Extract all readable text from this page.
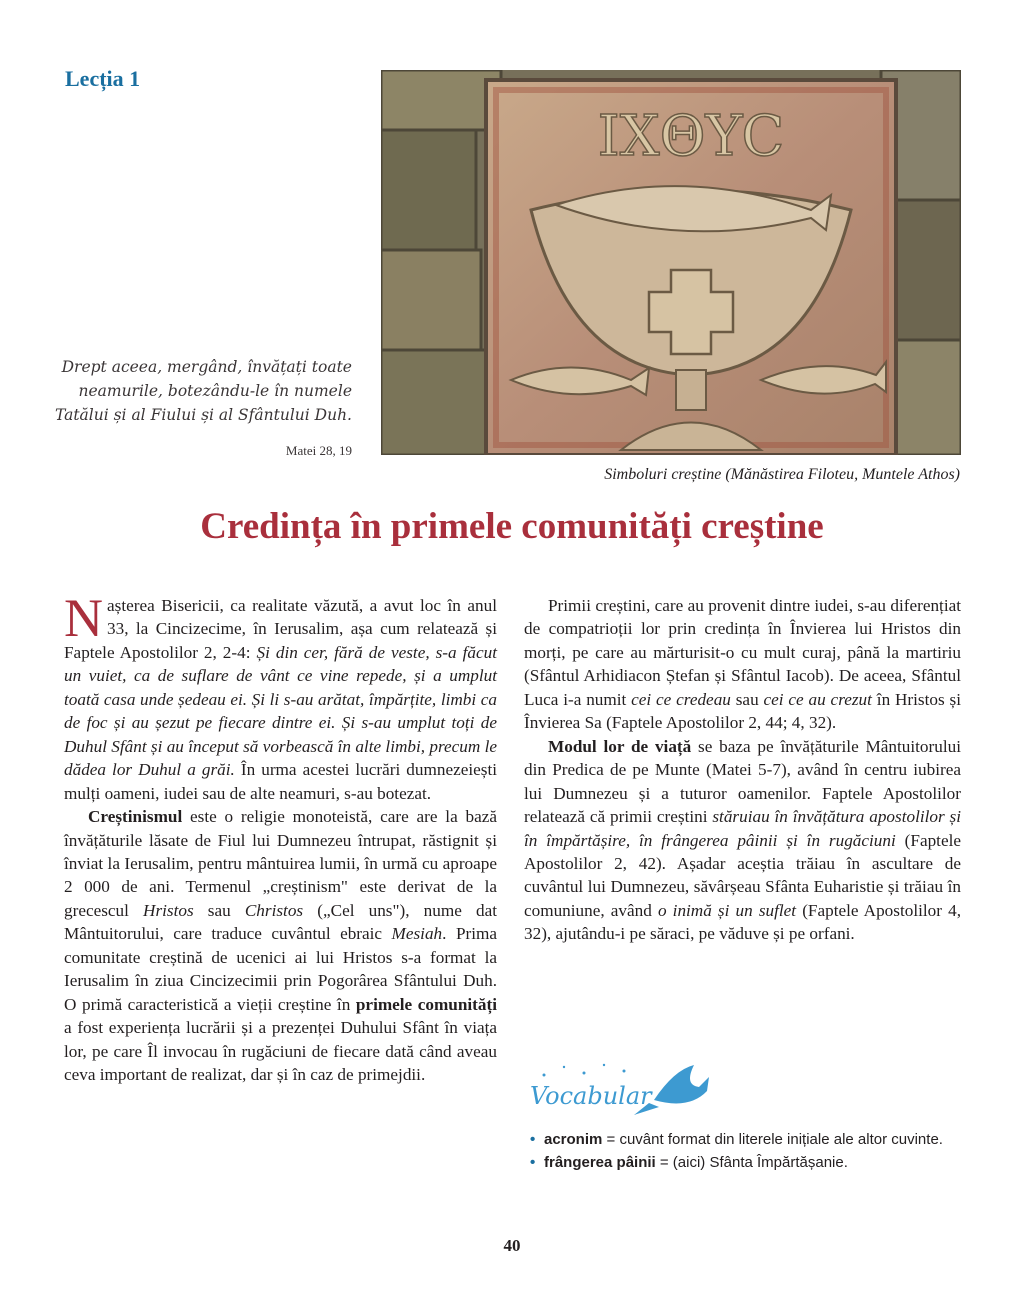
Lecția 1
IXΘYC
Drept aceea, mergând, învățați toate
neamurile, botezându-le în numele
Tatălui și al Fiului și al Sfântului Duh.
Matei 28, 19
Simboluri creștine (Mănăstirea Filoteu, Muntele Athos)
Credința în primele comunități creștine

Nașterea Bisericii, ca realitate văzută, a avut loc în anul 33, la Cincizecime, în Ierusalim, așa cum relatează și Faptele Apostolilor 2, 2-4: Și din cer, fără de veste, s-a făcut un vuiet, ca de suflare de vânt ce vine repede, și a umplut toată casa unde ședeau ei. Și li s-au arătat, împărțite, limbi ca de foc și au șezut pe fiecare dintre ei. Și s-au umplut toți de Duhul Sfânt și au început să vorbească în alte limbi, precum le dădea lor Duhul a grăi. În urma acestei lucrări dumnezeiești mulți oameni, iudei sau de alte neamuri, s-au botezat.

Creștinismul este o religie monoteistă, care are la bază învățăturile lăsate de Fiul lui Dumnezeu întrupat, răstignit și înviat la Ierusalim, pentru mântuirea lumii, în urmă cu aproape 2 000 de ani. Termenul „creștinism" este derivat de la grecescul Hristos sau Christos („Cel uns"), nume dat Mântuitorului, care traduce cuvântul ebraic Mesiah. Prima comunitate creștină de ucenici ai lui Hristos s-a format la Ierusalim în ziua Cincizecimii prin Pogorârea Sfântului Duh. O primă caracteristică a vieții creștine în primele comunități a fost experiența lucrării și a prezenței Duhului Sfânt în viața lor, pe care Îl invocau în rugăciuni de fiecare dată când aveau ceva important de realizat, dar și în caz de primejdii.

Primii creștini, care au provenit dintre iudei, s-au diferențiat de compatrioții lor prin credința în Învierea lui Hristos din morți, pe care au mărturisit-o cu mult curaj, până la martiriu (Sfântul Arhidiacon Ștefan și Sfântul Iacob). De aceea, Sfântul Luca i-a numit cei ce credeau sau cei ce au crezut în Hristos și Învierea Sa (Faptele Apostolilor 2, 44; 4, 32).

Modul lor de viață se baza pe învățăturile Mântuitorului din Predica de pe Munte (Matei 5-7), având în centru iubirea lui Dumnezeu și a tuturor oamenilor. Faptele Apostolilor relatează că primii creștini stăruiau în învățătura apostolilor și în împărtășire, în frângerea pâinii și în rugăciuni (Faptele Apostolilor 2, 42). Așadar aceștia trăiau în ascultare de cuvântul lui Dumnezeu, săvârșeau Sfânta Euharistie și trăiau în comuniune, având o inimă și un suflet (Faptele Apostolilor 4, 32), ajutându-i pe săraci, pe văduve și pe orfani.

Vocabular
• acronim = cuvânt format din literele inițiale ale altor cuvinte.
• frângerea pâinii = (aici) Sfânta Împărtășanie.
40
